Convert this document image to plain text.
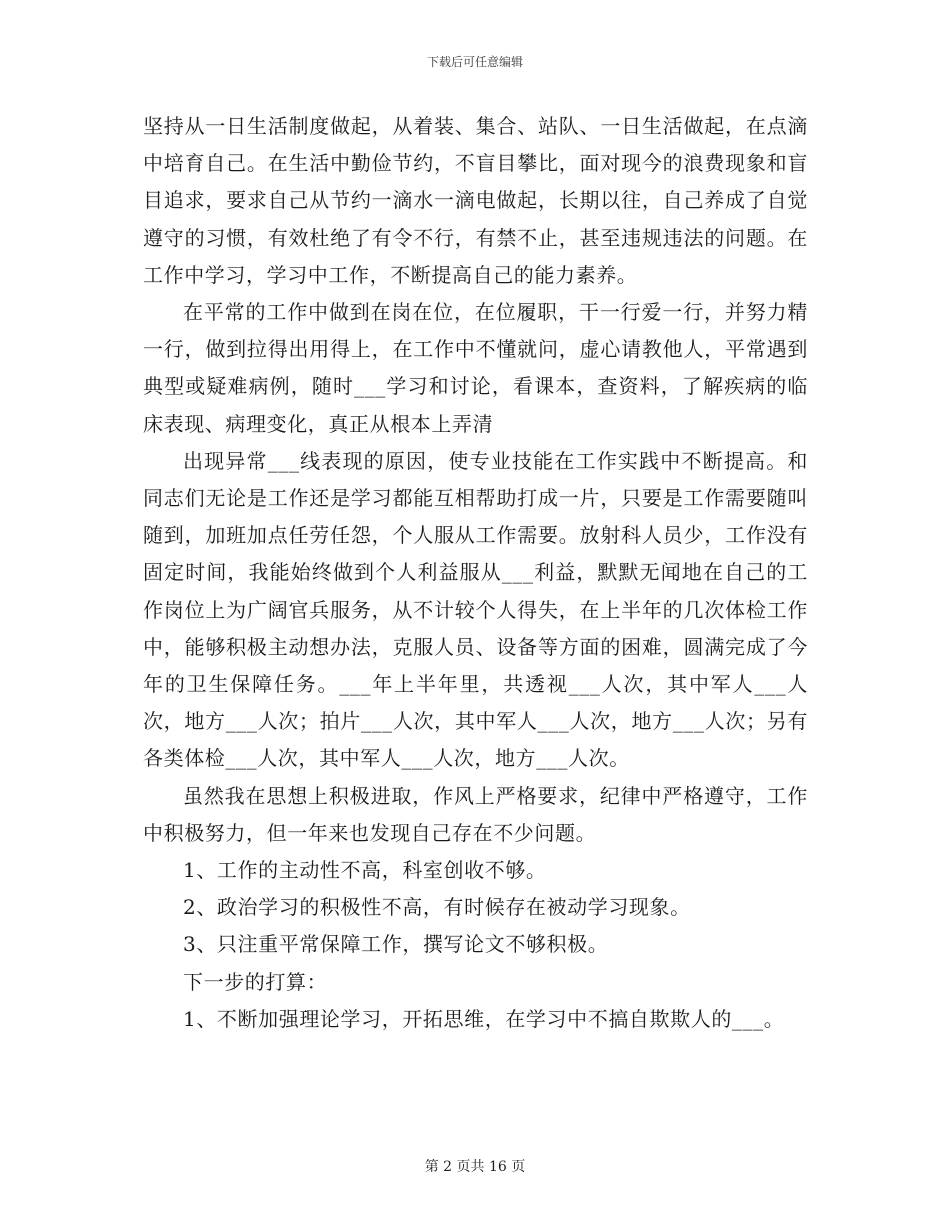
下载后可任意编辑

坚持从一日生活制度做起，从着装、集合、站队、一日生活做起，在点滴中培育自己。在生活中勤俭节约，不盲目攀比，面对现今的浪费现象和盲目追求，要求自己从节约一滴水一滴电做起，长期以往，自己养成了自觉遵守的习惯，有效杜绝了有令不行，有禁不止，甚至违规违法的问题。在工作中学习，学习中工作，不断提高自己的能力素养。

在平常的工作中做到在岗在位，在位履职，干一行爱一行，并努力精一行，做到拉得出用得上，在工作中不懂就问，虚心请教他人，平常遇到典型或疑难病例，随时___学习和讨论，看课本，查资料，了解疾病的临床表现、病理变化，真正从根本上弄清

出现异常___线表现的原因，使专业技能在工作实践中不断提高。和同志们无论是工作还是学习都能互相帮助打成一片，只要是工作需要随叫随到，加班加点任劳任怨，个人服从工作需要。放射科人员少，工作没有固定时间，我能始终做到个人利益服从___利益，默默无闻地在自己的工作岗位上为广阔官兵服务，从不计较个人得失，在上半年的几次体检工作中，能够积极主动想办法，克服人员、设备等方面的困难，圆满完成了今年的卫生保障任务。___年上半年里，共透视___人次，其中军人___人次，地方___人次；拍片___人次，其中军人___人次，地方___人次；另有各类体检___人次，其中军人___人次，地方___人次。

虽然我在思想上积极进取，作风上严格要求，纪律中严格遵守，工作中积极努力，但一年来也发现自己存在不少问题。

1、工作的主动性不高，科室创收不够。

2、政治学习的积极性不高，有时候存在被动学习现象。

3、只注重平常保障工作，撰写论文不够积极。

下一步的打算：

1、不断加强理论学习，开拓思维，在学习中不搞自欺欺人的___。

第 2 页共 16 页
